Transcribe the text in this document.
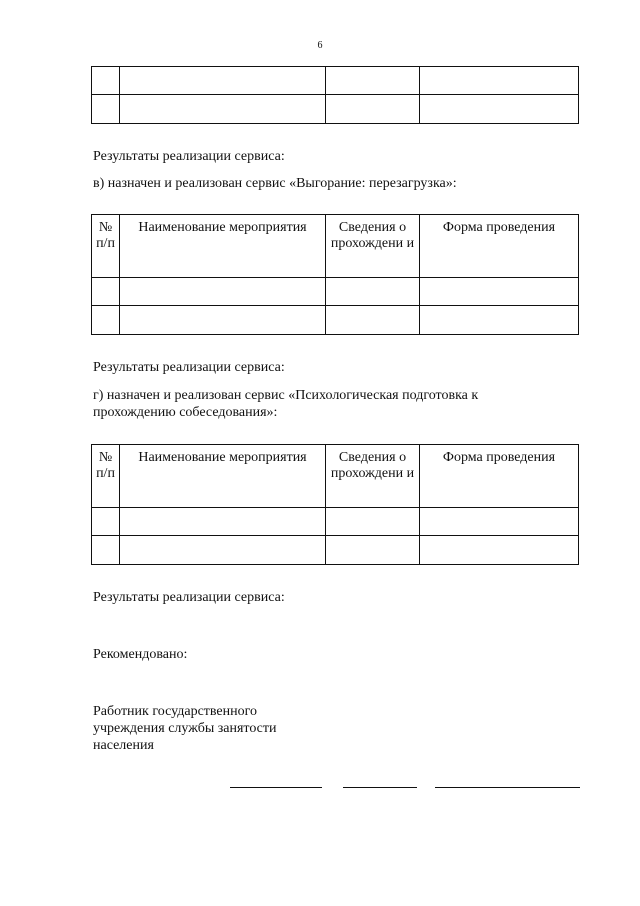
6

Результаты реализации сервиса:
в) назначен и реализован сервис «Выгорание: перезагрузка»:
№ п/п	Наименование мероприятия	Сведения о прохождени и	Форма проведения

Результаты реализации сервиса:
г) назначен и реализован сервис «Психологическая подготовка к
прохождению собеседования»:
№ п/п	Наименование мероприятия	Сведения о прохождени и	Форма проведения

Результаты реализации сервиса:
Рекомендовано:
Работник государственного
учреждения службы занятости
населения
